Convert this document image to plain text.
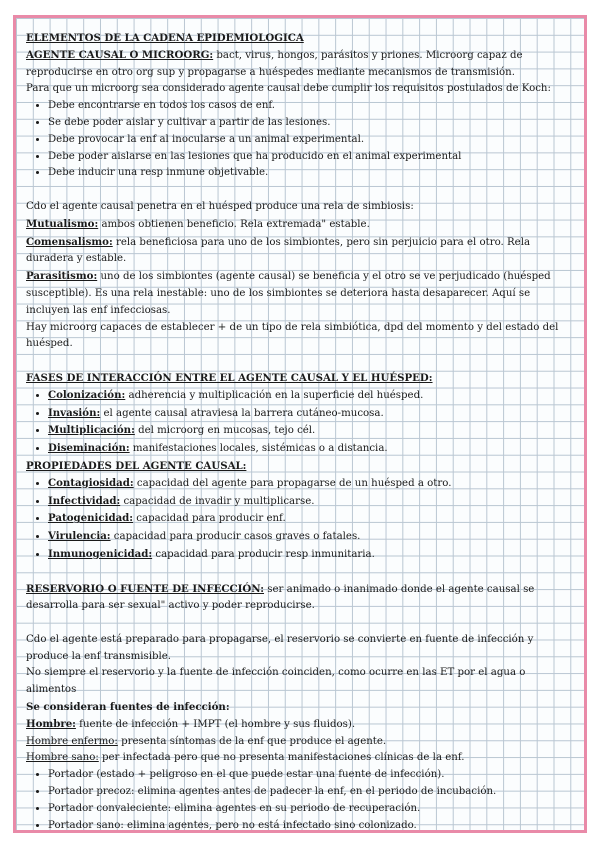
ELEMENTOS DE LA CADENA EPIDEMIOLOGICA

AGENTE CAUSAL O MICROORG: bact, virus, hongos, parásitos y priones. Microorg capaz de reproducirse en otro org sup y propagarse a huéspedes mediante mecanismos de transmisión.

Para que un microorg sea considerado agente causal debe cumplir los requisitos postulados de Koch:

• Debe encontrarse en todos los casos de enf.
• Se debe poder aislar y cultivar a partir de las lesiones.
• Debe provocar la enf al inocularse a un animal experimental.
• Debe poder aislarse en las lesiones que ha producido en el animal experimental
• Debe inducir una resp inmune objetivable.

Cdo el agente causal penetra en el huésped produce una rela de simbiosis:

Mutualismo: ambos obtienen beneficio. Rela extremada" estable.

Comensalismo: rela beneficiosa para uno de los simbiontes, pero sin perjuicio para el otro. Rela duradera y estable.

Parasitismo: uno de los simbiontes (agente causal) se beneficia y el otro se ve perjudicado (huésped susceptible). Es una rela inestable: uno de los simbiontes se deteriora hasta desaparecer. Aquí se incluyen las enf infecciosas.

Hay microorg capaces de establecer + de un tipo de rela simbiótica, dpd del momento y del estado del huésped.

FASES DE INTERACCIÓN ENTRE EL AGENTE CAUSAL Y EL HUÉSPED:

• Colonización: adherencia y multiplicación en la superficie del huésped.
• Invasión: el agente causal atraviesa la barrera cutáneo-mucosa.
• Multiplicación: del microorg en mucosas, tejo cél.
• Diseminación: manifestaciones locales, sistémicas o a distancia.

PROPIEDADES DEL AGENTE CAUSAL:

• Contagiosidad: capacidad del agente para propagarse de un huésped a otro.
• Infectividad: capacidad de invadir y multiplicarse.
• Patogenicidad: capacidad para producir enf.
• Virulencia: capacidad para producir casos graves o fatales.
• Inmunogenicidad: capacidad para producir resp inmunitaria.

RESERVORIO O FUENTE DE INFECCIÓN: ser animado o inanimado donde el agente causal se desarrolla para ser sexual" activo y poder reproducirse.

Cdo el agente está preparado para propagarse, el reservorio se convierte en fuente de infección y produce la enf transmisible.

No siempre el reservorio y la fuente de infección coinciden, como ocurre en las ET por el agua o alimentos

Se consideran fuentes de infección:

Hombre: fuente de infección + IMPT (el hombre y sus fluidos).

Hombre enfermo: presenta síntomas de la enf que produce el agente.

Hombre sano: per infectada pero que no presenta manifestaciones clínicas de la enf.

• Portador (estado + peligroso en el que puede estar una fuente de infección).
• Portador precoz: elimina agentes antes de padecer la enf, en el periodo de incubación.
• Portador convaleciente: elimina agentes en su periodo de recuperación.
• Portador sano: elimina agentes, pero no está infectado sino colonizado.
